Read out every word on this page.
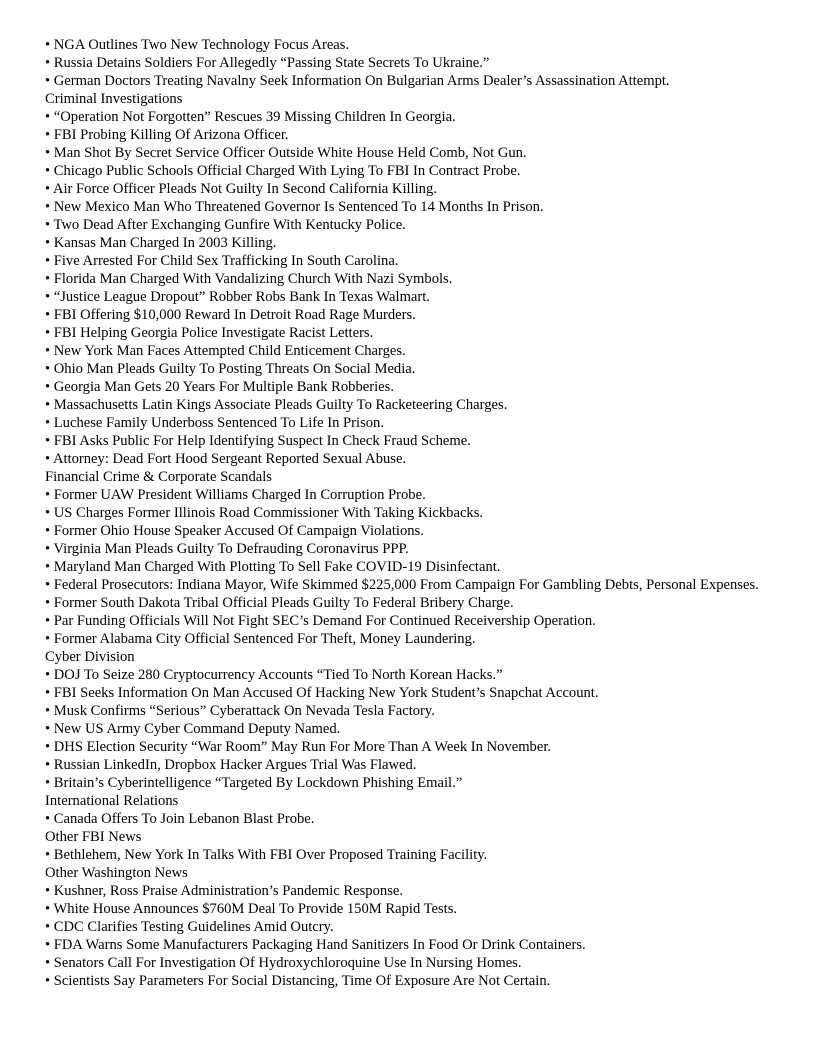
• NGA Outlines Two New Technology Focus Areas.
• Russia Detains Soldiers For Allegedly “Passing State Secrets To Ukraine.”
• German Doctors Treating Navalny Seek Information On Bulgarian Arms Dealer’s Assassination Attempt.
Criminal Investigations
• “Operation Not Forgotten” Rescues 39 Missing Children In Georgia.
• FBI Probing Killing Of Arizona Officer.
• Man Shot By Secret Service Officer Outside White House Held Comb, Not Gun.
• Chicago Public Schools Official Charged With Lying To FBI In Contract Probe.
• Air Force Officer Pleads Not Guilty In Second California Killing.
• New Mexico Man Who Threatened Governor Is Sentenced To 14 Months In Prison.
• Two Dead After Exchanging Gunfire With Kentucky Police.
• Kansas Man Charged In 2003 Killing.
• Five Arrested For Child Sex Trafficking In South Carolina.
• Florida Man Charged With Vandalizing Church With Nazi Symbols.
• “Justice League Dropout” Robber Robs Bank In Texas Walmart.
• FBI Offering $10,000 Reward In Detroit Road Rage Murders.
• FBI Helping Georgia Police Investigate Racist Letters.
• New York Man Faces Attempted Child Enticement Charges.
• Ohio Man Pleads Guilty To Posting Threats On Social Media.
• Georgia Man Gets 20 Years For Multiple Bank Robberies.
• Massachusetts Latin Kings Associate Pleads Guilty To Racketeering Charges.
• Luchese Family Underboss Sentenced To Life In Prison.
• FBI Asks Public For Help Identifying Suspect In Check Fraud Scheme.
• Attorney: Dead Fort Hood Sergeant Reported Sexual Abuse.
Financial Crime & Corporate Scandals
• Former UAW President Williams Charged In Corruption Probe.
• US Charges Former Illinois Road Commissioner With Taking Kickbacks.
• Former Ohio House Speaker Accused Of Campaign Violations.
• Virginia Man Pleads Guilty To Defrauding Coronavirus PPP.
• Maryland Man Charged With Plotting To Sell Fake COVID-19 Disinfectant.
• Federal Prosecutors: Indiana Mayor, Wife Skimmed $225,000 From Campaign For Gambling Debts, Personal Expenses.
• Former South Dakota Tribal Official Pleads Guilty To Federal Bribery Charge.
• Par Funding Officials Will Not Fight SEC’s Demand For Continued Receivership Operation.
• Former Alabama City Official Sentenced For Theft, Money Laundering.
Cyber Division
• DOJ To Seize 280 Cryptocurrency Accounts “Tied To North Korean Hacks.”
• FBI Seeks Information On Man Accused Of Hacking New York Student’s Snapchat Account.
• Musk Confirms “Serious” Cyberattack On Nevada Tesla Factory.
• New US Army Cyber Command Deputy Named.
• DHS Election Security “War Room” May Run For More Than A Week In November.
• Russian LinkedIn, Dropbox Hacker Argues Trial Was Flawed.
• Britain’s Cyberintelligence “Targeted By Lockdown Phishing Email.”
International Relations
• Canada Offers To Join Lebanon Blast Probe.
Other FBI News
• Bethlehem, New York In Talks With FBI Over Proposed Training Facility.
Other Washington News
• Kushner, Ross Praise Administration’s Pandemic Response.
• White House Announces $760M Deal To Provide 150M Rapid Tests.
• CDC Clarifies Testing Guidelines Amid Outcry.
• FDA Warns Some Manufacturers Packaging Hand Sanitizers In Food Or Drink Containers.
• Senators Call For Investigation Of Hydroxychloroquine Use In Nursing Homes.
• Scientists Say Parameters For Social Distancing, Time Of Exposure Are Not Certain.
